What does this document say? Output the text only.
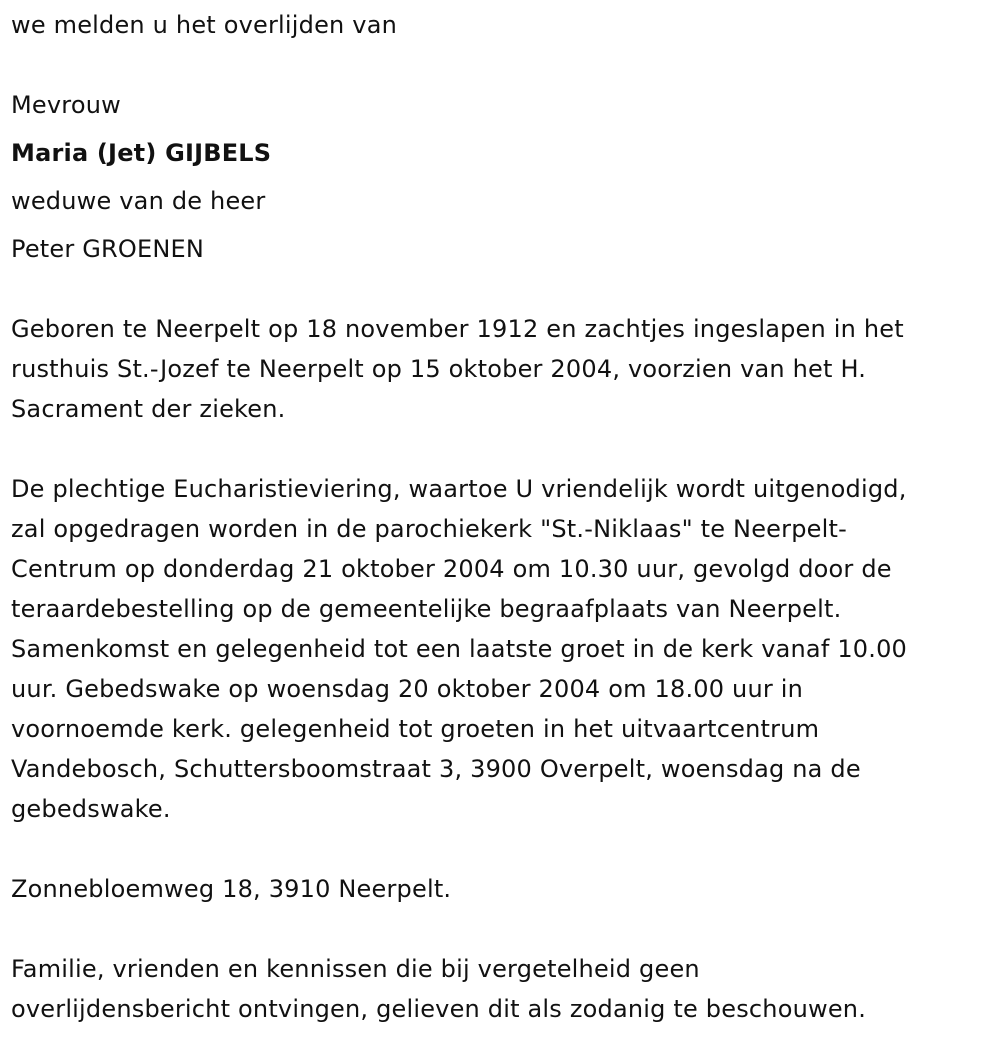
we melden u het overlijden van
Mevrouw
Maria (Jet) GIJBELS
weduwe van de heer
Peter GROENEN
Geboren te Neerpelt op 18 november 1912 en zachtjes ingeslapen in het
rusthuis St.-Jozef te Neerpelt op 15 oktober 2004, voorzien van het H.
Sacrament der zieken.
De plechtige Eucharistieviering, waartoe U vriendelijk wordt uitgenodigd,
zal opgedragen worden in de parochiekerk "St.-Niklaas" te Neerpelt-
Centrum op donderdag 21 oktober 2004 om 10.30 uur, gevolgd door de
teraardebestelling op de gemeentelijke begraafplaats van Neerpelt.
Samenkomst en gelegenheid tot een laatste groet in de kerk vanaf 10.00
uur. Gebedswake op woensdag 20 oktober 2004 om 18.00 uur in
voornoemde kerk. gelegenheid tot groeten in het uitvaartcentrum
Vandebosch, Schuttersboomstraat 3, 3900 Overpelt, woensdag na de
gebedswake.
Zonnebloemweg 18, 3910 Neerpelt.
Familie, vrienden en kennissen die bij vergetelheid geen
overlijdensbericht ontvingen, gelieven dit als zodanig te beschouwen.
